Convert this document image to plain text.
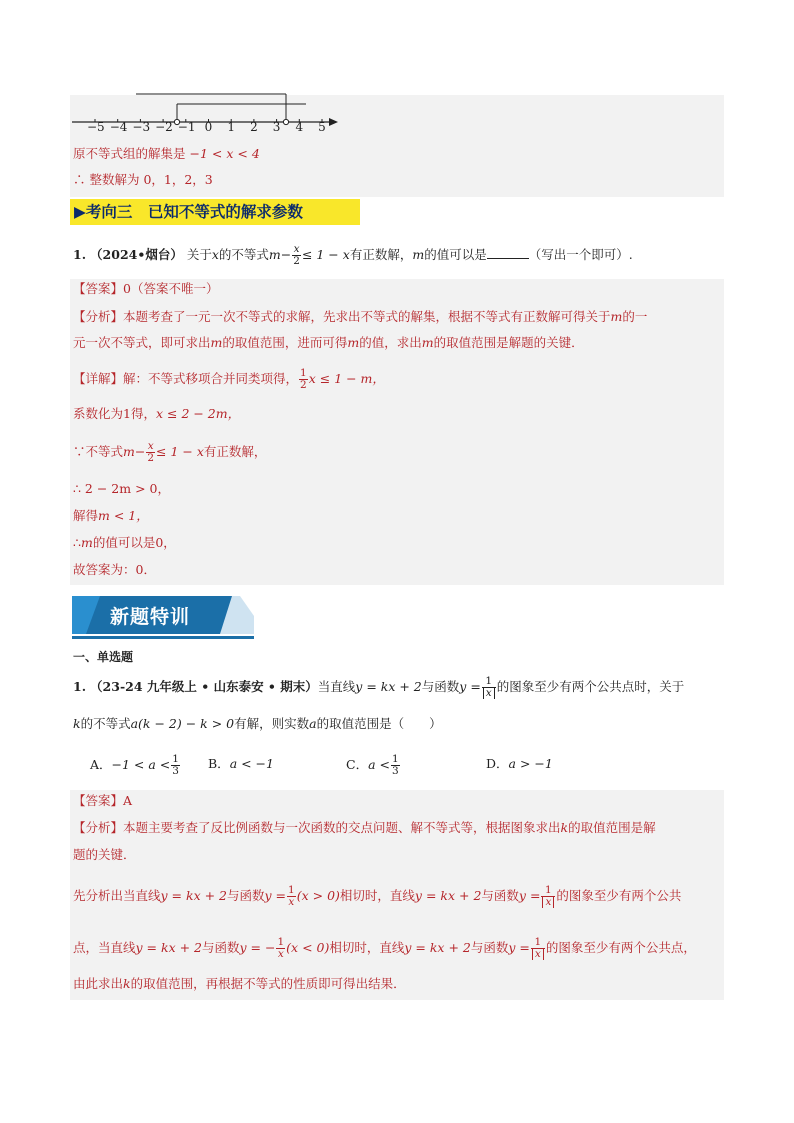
−5 −4 −3 −2 −1 0	1	2	3	4	5
原不等式组的解集是 −1 < x < 4
∴ 整数解为 0，1，2，3
▶考向三　已知不等式的解求参数
1. （2024•烟台） 关于x的不等式$m- \frac{x}{2} \le 1 - x$有正数解，m的值可以是	（写出一个即可）.
【答案】0（答案不唯一）
【分析】本题考查了一元一次不等式的求解，先求出不等式的解集，根据不等式有正数解可得关于m的一
元一次不等式，即可求出m的取值范围，进而可得m的值，求出m的取值范围是解题的关键．
【详解】解：不等式移项合并同类项得， $\frac{1}{2}$ x ≤ 1 − m，
系数化为1得，x ≤ 2 − 2m，
∵不等式$m- \frac{x}{2} \le 1 - x$有正数解，
∴ 2 − 2m > 0，
解得m < 1，
∴m的值可以是0，
故答案为：0．
新题特训
一、单选题
1. （23-24 九年级上 • 山东泰安 • 期末）当直线y = kx + 2与函数$y = \frac{1}{x}$ 的图象至少有两个公共点时，关于
k的不等式a(k − 2) − k > 0有解，则实数a的取值范围是（　　）
A．$-1 < a < \frac{1}{3}$ B．a < −1	C．$a < \frac{1}{3}$	D．a > −1
【答案】A
【分析】本题主要考查了反比例函数与一次函数的交点问题、解不等式等，根据图象求出k的取值范围是解
题的关键．
先分析出当直线y = kx + 2与函数$y = \frac{1}{x} (x > 0)$相切时，直线y = kx + 2与函数$y = \frac{1}{x}$ 的图象至少有两个公共
点，当直线y = kx + 2与函数y = − $\frac{1}{x} (x < 0)$相切时，直线y = kx + 2与函数$y = \frac{1}{x}$ 的图象至少有两个公共点，
由此求出k的取值范围，再根据不等式的性质即可得出结果．
